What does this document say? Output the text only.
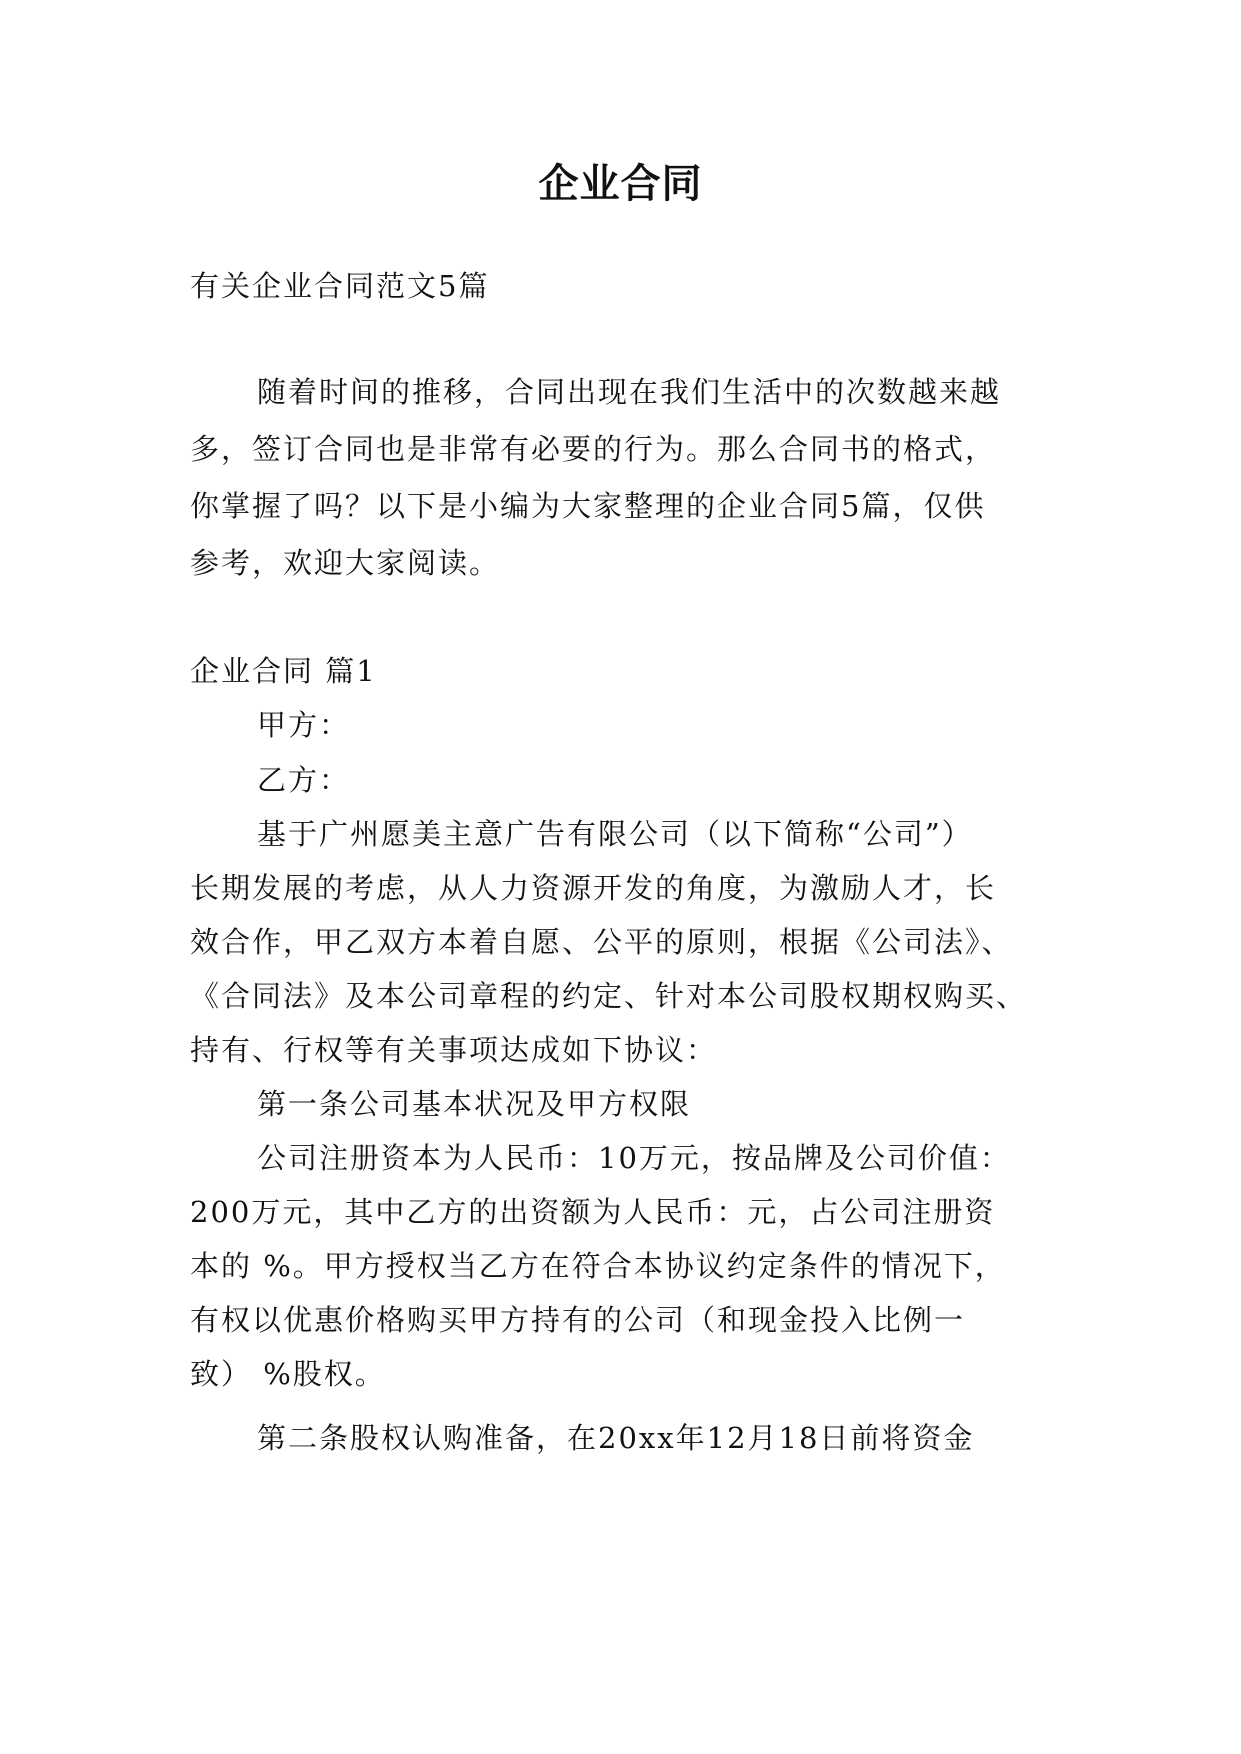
企业合同
有关企业合同范文5篇
随着时间的推移，合同出现在我们生活中的次数越来越
多，签订合同也是非常有必要的行为。那么合同书的格式，
你掌握了吗？以下是小编为大家整理的企业合同5篇，仅供
参考，欢迎大家阅读。
企业合同 篇1
甲方：
乙方：
基于广州愿美主意广告有限公司（以下简称“公司”）
长期发展的考虑，从人力资源开发的角度，为激励人才，长
效合作，甲乙双方本着自愿、公平的原则，根据《公司法》、
《合同法》及本公司章程的约定、针对本公司股权期权购买、
持有、行权等有关事项达成如下协议：
第一条公司基本状况及甲方权限
公司注册资本为人民币：10万元，按品牌及公司价值：
200万元，其中乙方的出资额为人民币：元，占公司注册资
本的 %。甲方授权当乙方在符合本协议约定条件的情况下，
有权以优惠价格购买甲方持有的公司（和现金投入比例一
致） %股权。
第二条股权认购准备，在20xx年12月18日前将资金
